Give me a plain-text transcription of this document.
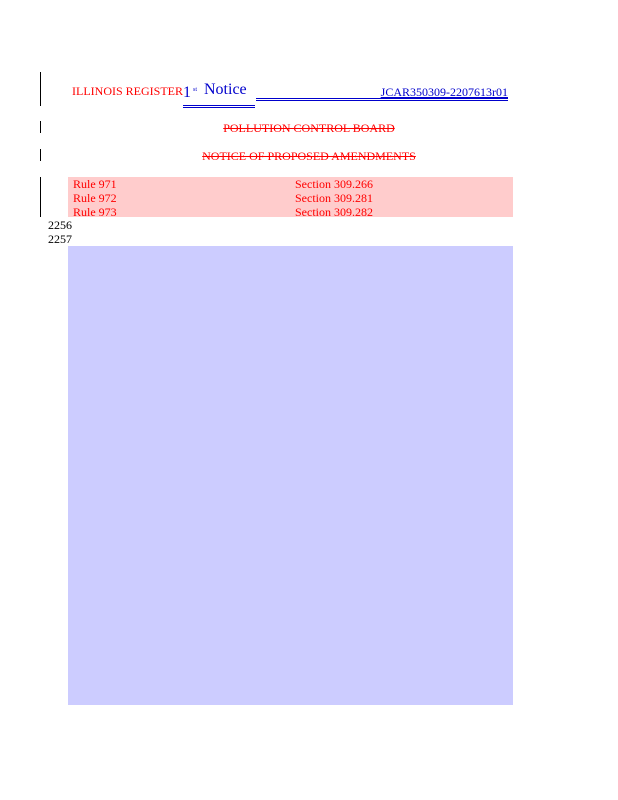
ILLINOIS REGISTER 1 $^{st}$ Notice	JCAR350309-2207613r01
POLLUTION CONTROL BOARD
NOTICE OF PROPOSED AMENDMENTS
Rule 971	Section 309.266
Rule 972	Section 309.281
Rule 973	Section 309.282
2256
2257
